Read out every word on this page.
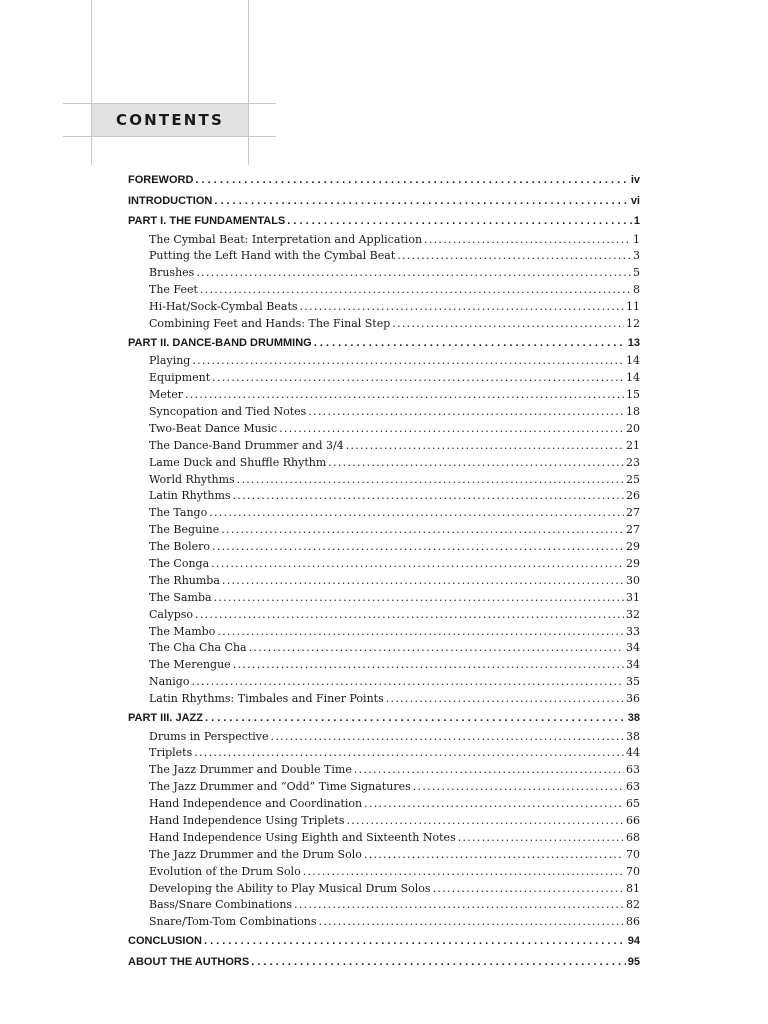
CONTENTS
FOREWORD . . .	iv
INTRODUCTION . . .	vi
PART I. THE FUNDAMENTALS . . .	1
The Cymbal Beat: Interpretation and Application .....	1
Putting the Left Hand with the Cymbal Beat .....	3
Brushes .....	5
The Feet .....	8
Hi-Hat/Sock-Cymbal Beats .....	11
Combining Feet and Hands: The Final Step .....	12
PART II. DANCE-BAND DRUMMING . . .	13
Playing .....	14
Equipment .....	14
Meter .....	15
Syncopation and Tied Notes .....	18
Two-Beat Dance Music .....	20
The Dance-Band Drummer and 3/4 .....	21
Lame Duck and Shuffle Rhythm .....	23
World Rhythms .....	25
Latin Rhythms .....	26
The Tango .....	27
The Beguine .....	27
The Bolero .....	29
The Conga .....	29
The Rhumba .....	30
The Samba .....	31
Calypso .....	32
The Mambo .....	33
The Cha Cha Cha .....	34
The Merengue .....	34
Nanigo .....	35
Latin Rhythms: Timbales and Finer Points .....	36
PART III. JAZZ . . .	38
Drums in Perspective .....	38
Triplets .....	44
The Jazz Drummer and Double Time .....	63
The Jazz Drummer and “Odd” Time Signatures .....	63
Hand Independence and Coordination .....	65
Hand Independence Using Triplets .....	66
Hand Independence Using Eighth and Sixteenth Notes .....	68
The Jazz Drummer and the Drum Solo .....	70
Evolution of the Drum Solo .....	70
Developing the Ability to Play Musical Drum Solos .....	81
Bass/Snare Combinations .....	82
Snare/Tom-Tom Combinations .....	86
CONCLUSION . . .	94
ABOUT THE AUTHORS . . .	95
